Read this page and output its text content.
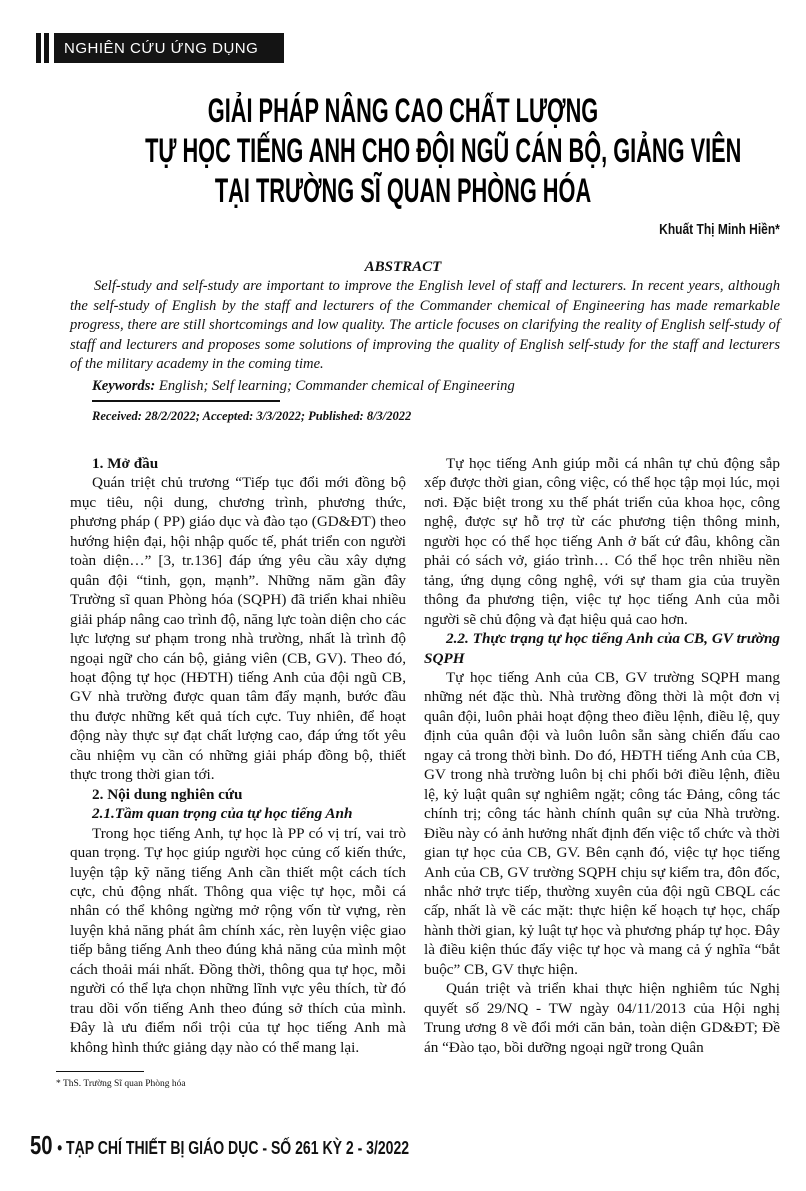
NGHIÊN CỨU ỨNG DỤNG
GIẢI PHÁP NÂNG CAO CHẤT LƯỢNG
TỰ HỌC TIẾNG ANH CHO ĐỘI NGŨ CÁN BỘ, GIẢNG VIÊN
TẠI TRƯỜNG SĨ QUAN PHÒNG HÓA
Khuất Thị Minh Hiền*
ABSTRACT

Self-study and self-study are important to improve the English level of staff and lecturers. In recent years, although the self-study of English by the staff and lecturers of the Commander chemical of Engineering has made remarkable progress, there are still shortcomings and low quality. The article focuses on clarifying the reality of English self-study of staff and lecturers and proposes some solutions of improving the quality of English self-study for the staff and lecturers of the military academy in the coming time.

Keywords: English; Self learning; Commander chemical of Engineering
Received: 28/2/2022; Accepted: 3/3/2022; Published: 8/3/2022

1. Mở đầu

Quán triệt chủ trương “Tiếp tục đổi mới đồng bộ mục tiêu, nội dung, chương trình, phương thức, phương pháp ( PP) giáo dục và đào tạo (GD&ĐT) theo hướng hiện đại, hội nhập quốc tế, phát triển con người toàn diện…” [3, tr.136] đáp ứng yêu cầu xây dựng quân đội “tinh, gọn, mạnh”. Những năm gần đây Trường sĩ quan Phòng hóa (SQPH) đã triển khai nhiều giải pháp nâng cao trình độ, năng lực toàn diện cho các lực lượng sư phạm trong nhà trường, nhất là trình độ ngoại ngữ cho cán bộ, giảng viên (CB, GV). Theo đó, hoạt động tự học (HĐTH) tiếng Anh của đội ngũ CB, GV nhà trường được quan tâm đẩy mạnh, bước đầu thu được những kết quả tích cực. Tuy nhiên, để hoạt động này thực sự đạt chất lượng cao, đáp ứng tốt yêu cầu nhiệm vụ cần có những giải pháp đồng bộ, thiết thực trong thời gian tới.

2. Nội dung nghiên cứu

2.1.Tầm quan trọng của tự học tiếng Anh

Trong học tiếng Anh, tự học là PP có vị trí, vai trò quan trọng. Tự học giúp người học củng cố kiến thức, luyện tập kỹ năng tiếng Anh cần thiết một cách tích cực, chủ động nhất. Thông qua việc tự học, mỗi cá nhân có thể không ngừng mở rộng vốn từ vựng, rèn luyện khả năng phát âm chính xác, rèn luyện việc giao tiếp bằng tiếng Anh theo đúng khả năng của mình một cách thoải mái nhất. Đồng thời, thông qua tự học, mỗi người có thể lựa chọn những lĩnh vực yêu thích, từ đó trau dồi vốn tiếng Anh theo đúng sở thích của mình. Đây là ưu điểm nổi trội của tự học tiếng Anh mà không hình thức giảng dạy nào có thể mang lại.

* ThS. Trường Sĩ quan Phòng hóa

Tự học tiếng Anh giúp mỗi cá nhân tự chủ động sắp xếp được thời gian, công việc, có thể học tập mọi lúc, mọi nơi. Đặc biệt trong xu thế phát triển của khoa học, công nghệ, được sự hỗ trợ từ các phương tiện thông minh, người học có thể học tiếng Anh ở bất cứ đâu, không cần phải có sách vở, giáo trình… Có thể học trên nhiều nền tảng, ứng dụng công nghệ, với sự tham gia của truyền thông đa phương tiện, việc tự học tiếng Anh của mỗi người sẽ chủ động và đạt hiệu quả cao hơn.

2.2. Thực trạng tự học tiếng Anh của CB, GV trường SQPH

Tự học tiếng Anh của CB, GV trường SQPH mang những nét đặc thù. Nhà trường đồng thời là một đơn vị quân đội, luôn phải hoạt động theo điều lệnh, điều lệ, quy định của quân đội và luôn luôn sẵn sàng chiến đấu cao ngay cả trong thời bình. Do đó, HĐTH tiếng Anh của CB, GV trong nhà trường luôn bị chi phối bởi điều lệnh, điều lệ, kỷ luật quân sự nghiêm ngặt; công tác Đảng, công tác chính trị; công tác hành chính quân sự của Nhà trường. Điều này có ảnh hưởng nhất định đến việc tổ chức và thời gian tự học của CB, GV. Bên cạnh đó, việc tự học tiếng Anh của CB, GV trường SQPH chịu sự kiểm tra, đôn đốc, nhắc nhở trực tiếp, thường xuyên của đội ngũ CBQL các cấp, nhất là về các mặt: thực hiện kế hoạch tự học, chấp hành thời gian, kỷ luật tự học và phương pháp tự học. Đây là điều kiện thúc đẩy việc tự học và mang cả ý nghĩa “bắt buộc” CB, GV thực hiện.

Quán triệt và triển khai thực hiện nghiêm túc Nghị quyết số 29/NQ - TW ngày 04/11/2013 của Hội nghị Trung ương 8 về đổi mới căn bản, toàn diện GD&ĐT; Đề án “Đào tạo, bồi dưỡng ngoại ngữ trong Quân

50 • TẠP CHÍ THIẾT BỊ GIÁO DỤC - SỐ 261 KỲ 2 - 3/2022
